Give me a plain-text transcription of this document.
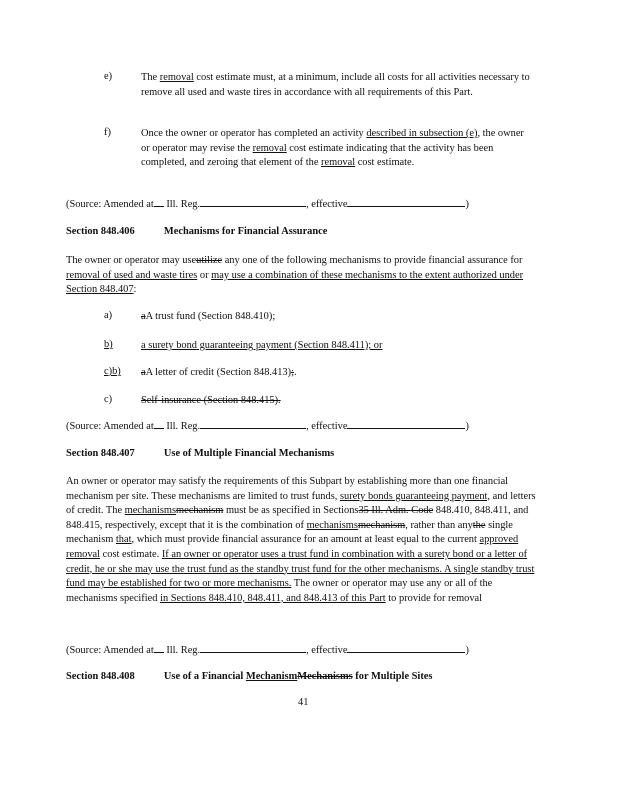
e)	The removal cost estimate must, at a minimum, include all costs for all activities necessary to remove all used and waste tires in accordance with all requirements of this Part.
f)	Once the owner or operator has completed an activity described in subsection (e), the owner or operator may revise the removal cost estimate indicating that the activity has been completed, and zeroing that element of the removal cost estimate.
(Source: Amended at Ill. Reg.	, effective	)
Section 848.406	Mechanisms for Financial Assurance
The owner or operator may useutilize any one of the following mechanisms to provide financial assurance for removal of used and waste tires or may use a combination of these mechanisms to the extent authorized under Section 848.407:
a)	aA trust fund (Section 848.410);
b)	a surety bond guaranteeing payment (Section 848.411); or
c)b) aA letter of credit (Section 848.413);.
c)	Self-insurance (Section 848.415).
(Source: Amended at Ill. Reg.	, effective	)
Section 848.407	Use of Multiple Financial Mechanisms
An owner or operator may satisfy the requirements of this Subpart by establishing more than one financial mechanism per site. These mechanisms are limited to trust funds, surety bonds guaranteeing payment, and letters of credit. The mechanismsmechanism must be as specified in Sections35 Ill. Adm. Code 848.410, 848.411, and 848.415, respectively, except that it is the combination of mechanismsmechanism, rather than anythe single mechanism that, which must provide financial assurance for an amount at least equal to the current approved removal cost estimate. If an owner or operator uses a trust fund in combination with a surety bond or a letter of credit, he or she may use the trust fund as the standby trust fund for the other mechanisms. A single standby trust fund may be established for two or more mechanisms. The owner or operator may use any or all of the mechanisms specified in Sections 848.410, 848.411, and 848.413 of this Part to provide for removal
(Source: Amended at Ill. Reg.	, effective	)
Section 848.408	Use of a Financial MechanismMechanisms for Multiple Sites
41
